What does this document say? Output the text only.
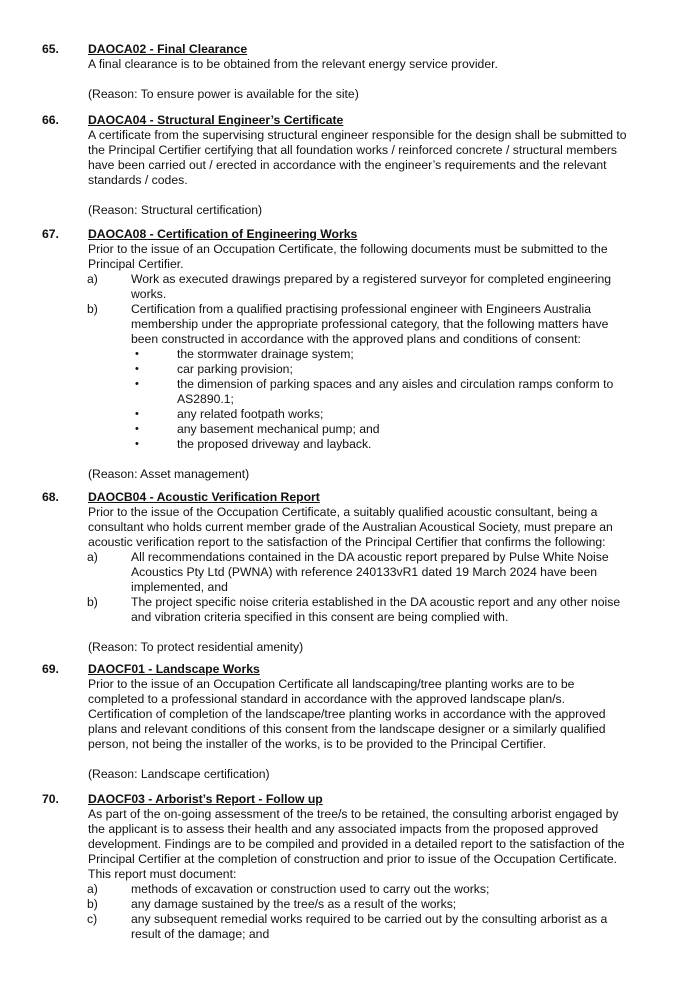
65. DAOCA02 - Final Clearance
A final clearance is to be obtained from the relevant energy service provider.
(Reason: To ensure power is available for the site)
66. DAOCA04 - Structural Engineer’s Certificate
A certificate from the supervising structural engineer responsible for the design shall be submitted to
the Principal Certifier certifying that all foundation works / reinforced concrete / structural members
have been carried out / erected in accordance with the engineer’s requirements and the relevant
standards / codes.
(Reason: Structural certification)
67. DAOCA08 - Certification of Engineering Works
Prior to the issue of an Occupation Certificate, the following documents must be submitted to the
Principal Certifier.
a)	Work as executed drawings prepared by a registered surveyor for completed engineering
works.
b)	Certification from a qualified practising professional engineer with Engineers Australia
membership under the appropriate professional category, that the following matters have
been constructed in accordance with the approved plans and conditions of consent:
•	the stormwater drainage system;
•	car parking provision;
•	the dimension of parking spaces and any aisles and circulation ramps conform to
AS2890.1;
•	any related footpath works;
•	any basement mechanical pump; and
•	the proposed driveway and layback.
(Reason: Asset management)
68. DAOCB04 - Acoustic Verification Report
Prior to the issue of the Occupation Certificate, a suitably qualified acoustic consultant, being a
consultant who holds current member grade of the Australian Acoustical Society, must prepare an
acoustic verification report to the satisfaction of the Principal Certifier that confirms the following:
a)	All recommendations contained in the DA acoustic report prepared by Pulse White Noise
Acoustics Pty Ltd (PWNA) with reference 240133vR1 dated 19 March 2024 have been
implemented, and
b)	The project specific noise criteria established in the DA acoustic report and any other noise
and vibration criteria specified in this consent are being complied with.
(Reason: To protect residential amenity)
69. DAOCF01 - Landscape Works
Prior to the issue of an Occupation Certificate all landscaping/tree planting works are to be
completed to a professional standard in accordance with the approved landscape plan/s.
Certification of completion of the landscape/tree planting works in accordance with the approved
plans and relevant conditions of this consent from the landscape designer or a similarly qualified
person, not being the installer of the works, is to be provided to the Principal Certifier.
(Reason: Landscape certification)
70. DAOCF03 - Arborist’s Report - Follow up
As part of the on-going assessment of the tree/s to be retained, the consulting arborist engaged by
the applicant is to assess their health and any associated impacts from the proposed approved
development. Findings are to be compiled and provided in a detailed report to the satisfaction of the
Principal Certifier at the completion of construction and prior to issue of the Occupation Certificate.
This report must document:
a)	methods of excavation or construction used to carry out the works;
b)	any damage sustained by the tree/s as a result of the works;
c)	any subsequent remedial works required to be carried out by the consulting arborist as a
result of the damage; and
